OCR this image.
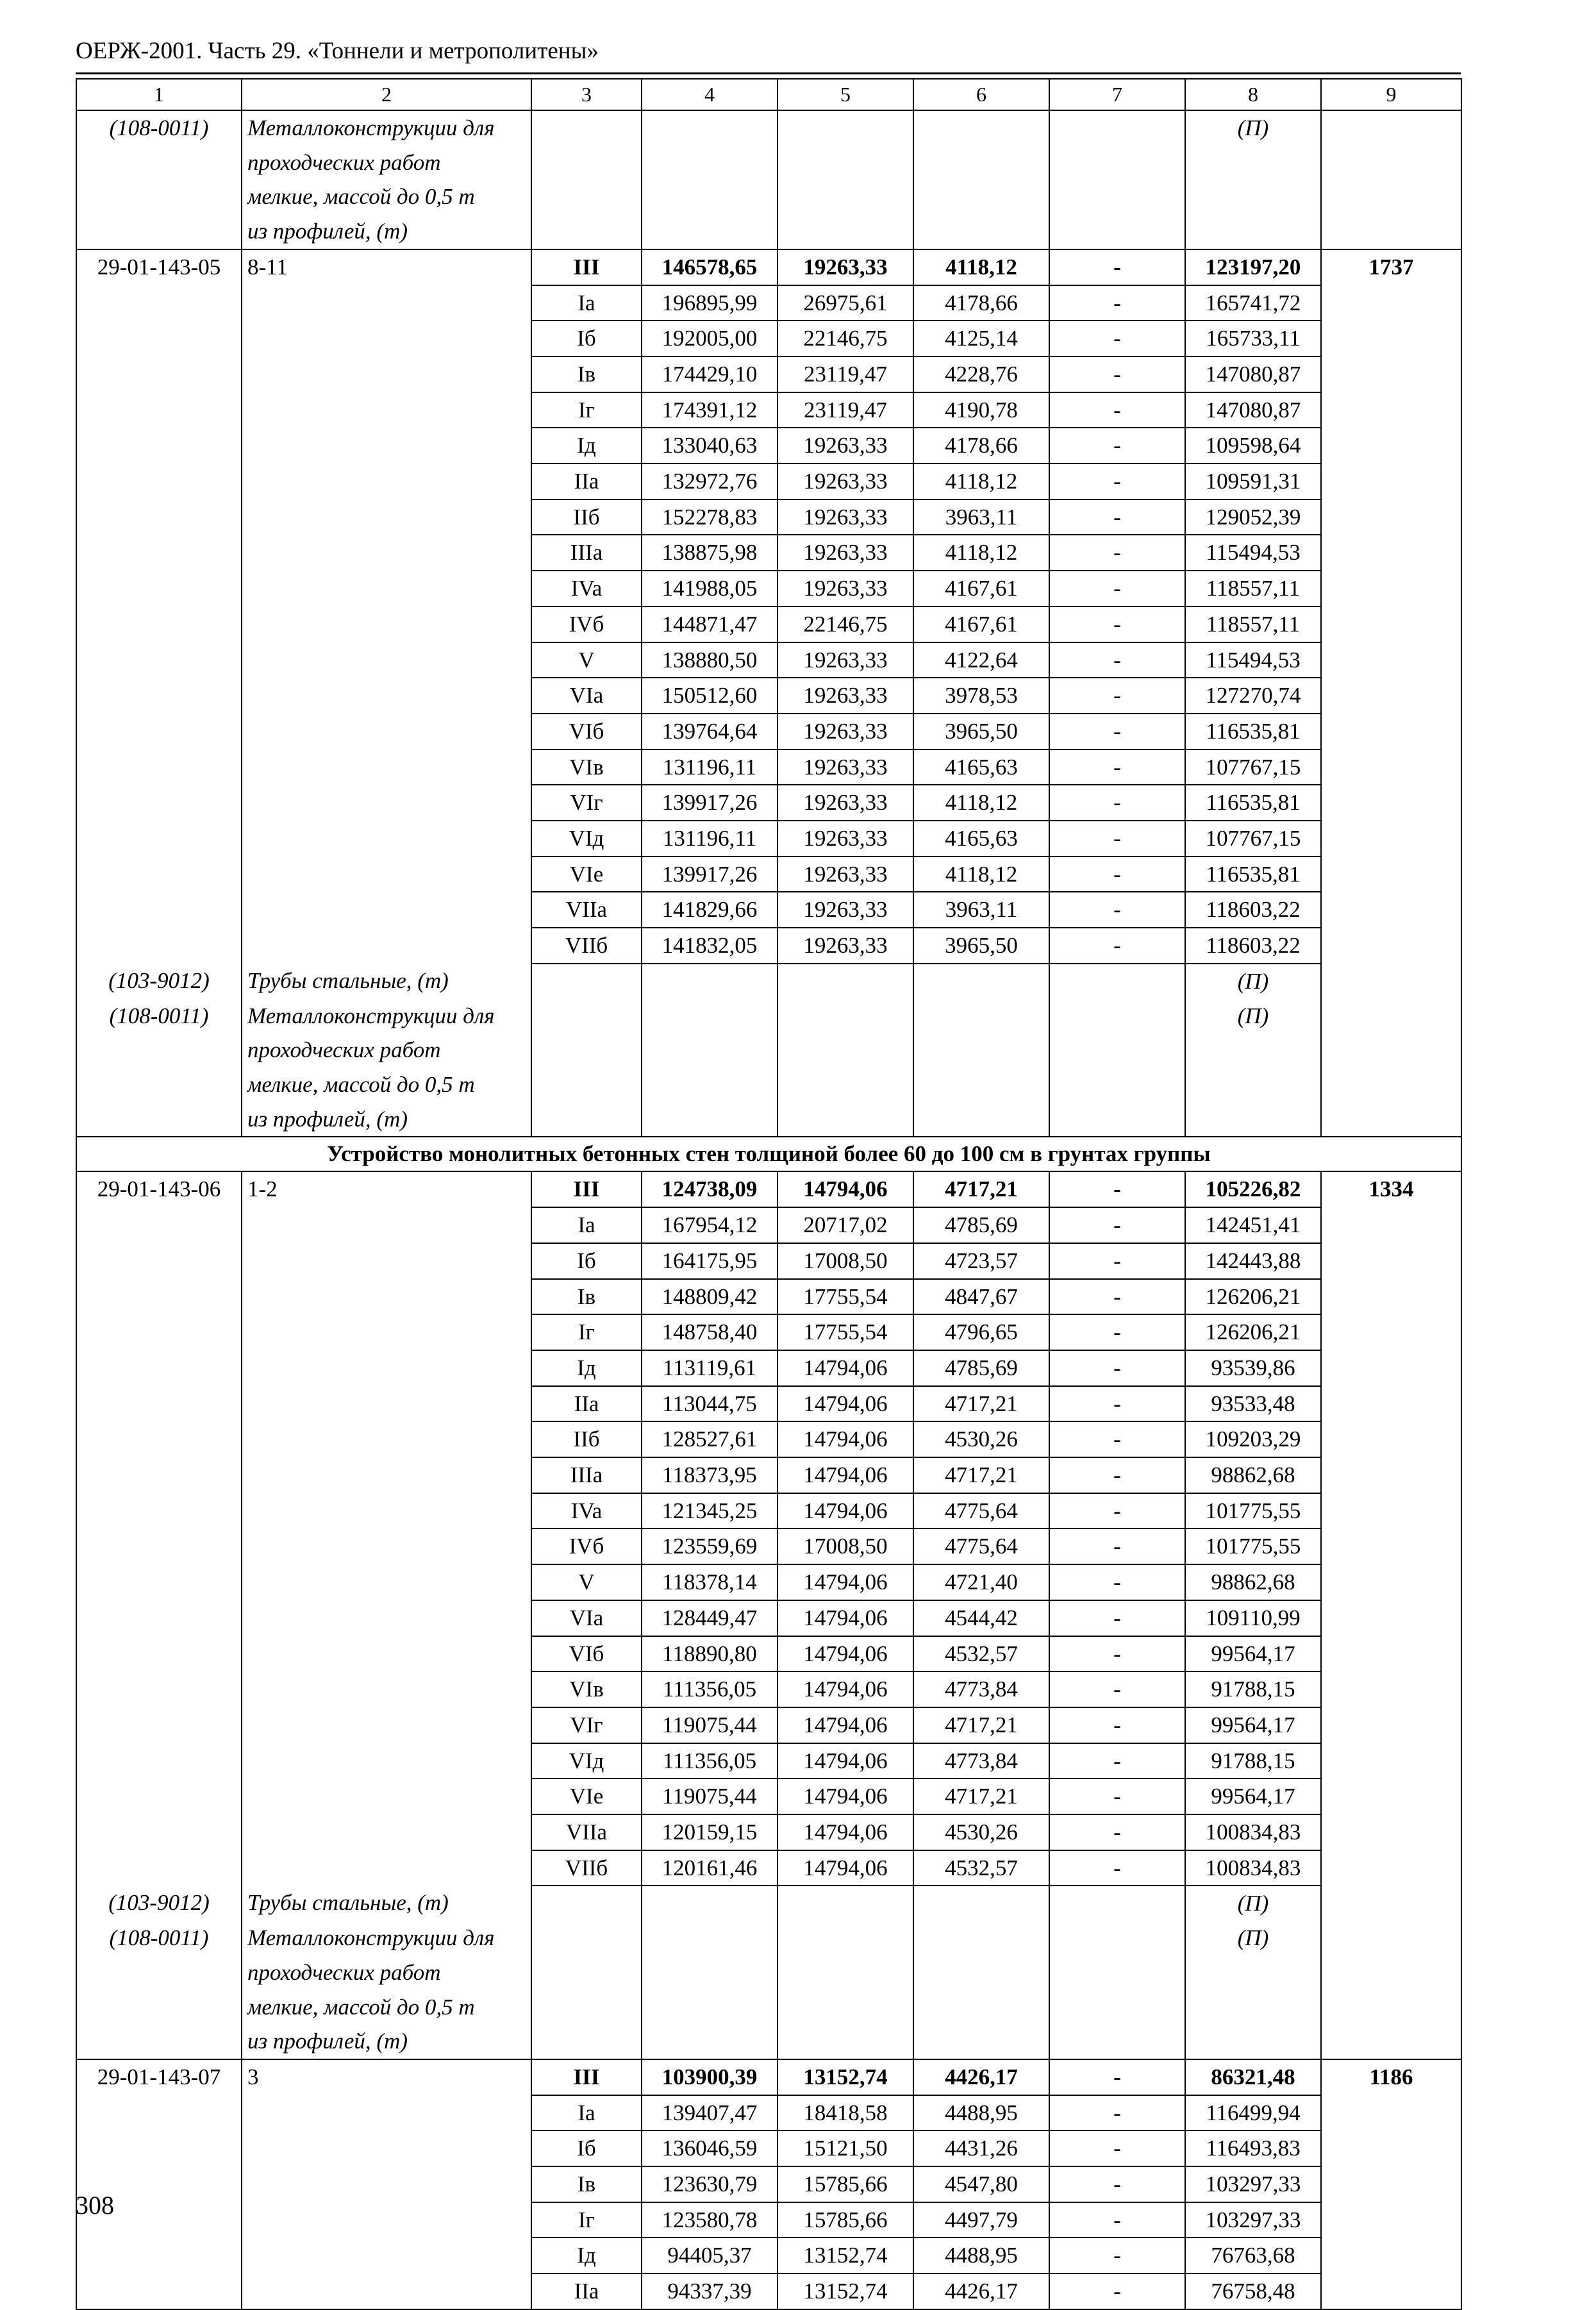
ОЕРЖ-2001. Часть 29. «Тоннели и метрополитены»
1	2	3	4	5	6	7	8	9
(108-0011)	Металлоконструкции для						(П)	
	проходческих работ							
	мелкие, массой до 0,5 т							
	из профилей, (т)							
29-01-143-05	8-11	III	146578,65	19263,33	4118,12	-	123197,20	1737
		Ia	196895,99	26975,61	4178,66	-	165741,72	
		Iб	192005,00	22146,75	4125,14	-	165733,11	
		Iв	174429,10	23119,47	4228,76	-	147080,87	
		Iг	174391,12	23119,47	4190,78	-	147080,87	
		Iд	133040,63	19263,33	4178,66	-	109598,64	
		IIa	132972,76	19263,33	4118,12	-	109591,31	
		IIб	152278,83	19263,33	3963,11	-	129052,39	
		IIIa	138875,98	19263,33	4118,12	-	115494,53	
		IVa	141988,05	19263,33	4167,61	-	118557,11	
		IVб	144871,47	22146,75	4167,61	-	118557,11	
		V	138880,50	19263,33	4122,64	-	115494,53	
		VIa	150512,60	19263,33	3978,53	-	127270,74	
		VIб	139764,64	19263,33	3965,50	-	116535,81	
		VIв	131196,11	19263,33	4165,63	-	107767,15	
		VIг	139917,26	19263,33	4118,12	-	116535,81	
		VIд	131196,11	19263,33	4165,63	-	107767,15	
		VIe	139917,26	19263,33	4118,12	-	116535,81	
		VIIa	141829,66	19263,33	3963,11	-	118603,22	
		VIIб	141832,05	19263,33	3965,50	-	118603,22	
(103-9012)	Трубы стальные, (т)						(П)	
(108-0011)	Металлоконструкции для						(П)	
	проходческих работ							
	мелкие, массой до 0,5 т							
	из профилей, (т)							
Устройство монолитных бетонных стен толщиной более 60 до 100 см в грунтах группы								
29-01-143-06	1-2	III	124738,09	14794,06	4717,21	-	105226,82	1334
		Ia	167954,12	20717,02	4785,69	-	142451,41	
		Iб	164175,95	17008,50	4723,57	-	142443,88	
		Iв	148809,42	17755,54	4847,67	-	126206,21	
		Iг	148758,40	17755,54	4796,65	-	126206,21	
		Iд	113119,61	14794,06	4785,69	-	93539,86	
		IIa	113044,75	14794,06	4717,21	-	93533,48	
		IIб	128527,61	14794,06	4530,26	-	109203,29	
		IIIa	118373,95	14794,06	4717,21	-	98862,68	
		IVa	121345,25	14794,06	4775,64	-	101775,55	
		IVб	123559,69	17008,50	4775,64	-	101775,55	
		V	118378,14	14794,06	4721,40	-	98862,68	
		VIa	128449,47	14794,06	4544,42	-	109110,99	
		VIб	118890,80	14794,06	4532,57	-	99564,17	
		VIв	111356,05	14794,06	4773,84	-	91788,15	
		VIг	119075,44	14794,06	4717,21	-	99564,17	
		VIд	111356,05	14794,06	4773,84	-	91788,15	
		VIe	119075,44	14794,06	4717,21	-	99564,17	
		VIIa	120159,15	14794,06	4530,26	-	100834,83	
		VIIб	120161,46	14794,06	4532,57	-	100834,83	
(103-9012)	Трубы стальные, (т)						(П)	
(108-0011)	Металлоконструкции для						(П)	
	проходческих работ							
	мелкие, массой до 0,5 т							
	из профилей, (т)							
29-01-143-07	3	III	103900,39	13152,74	4426,17	-	86321,48	1186
		Ia	139407,47	18418,58	4488,95	-	116499,94	
		Iб	136046,59	15121,50	4431,26	-	116493,83	
		Iв	123630,79	15785,66	4547,80	-	103297,33	
		Iг	123580,78	15785,66	4497,79	-	103297,33	
		Iд	94405,37	13152,74	4488,95	-	76763,68	
		IIa	94337,39	13152,74	4426,17	-	76758,48	
308
